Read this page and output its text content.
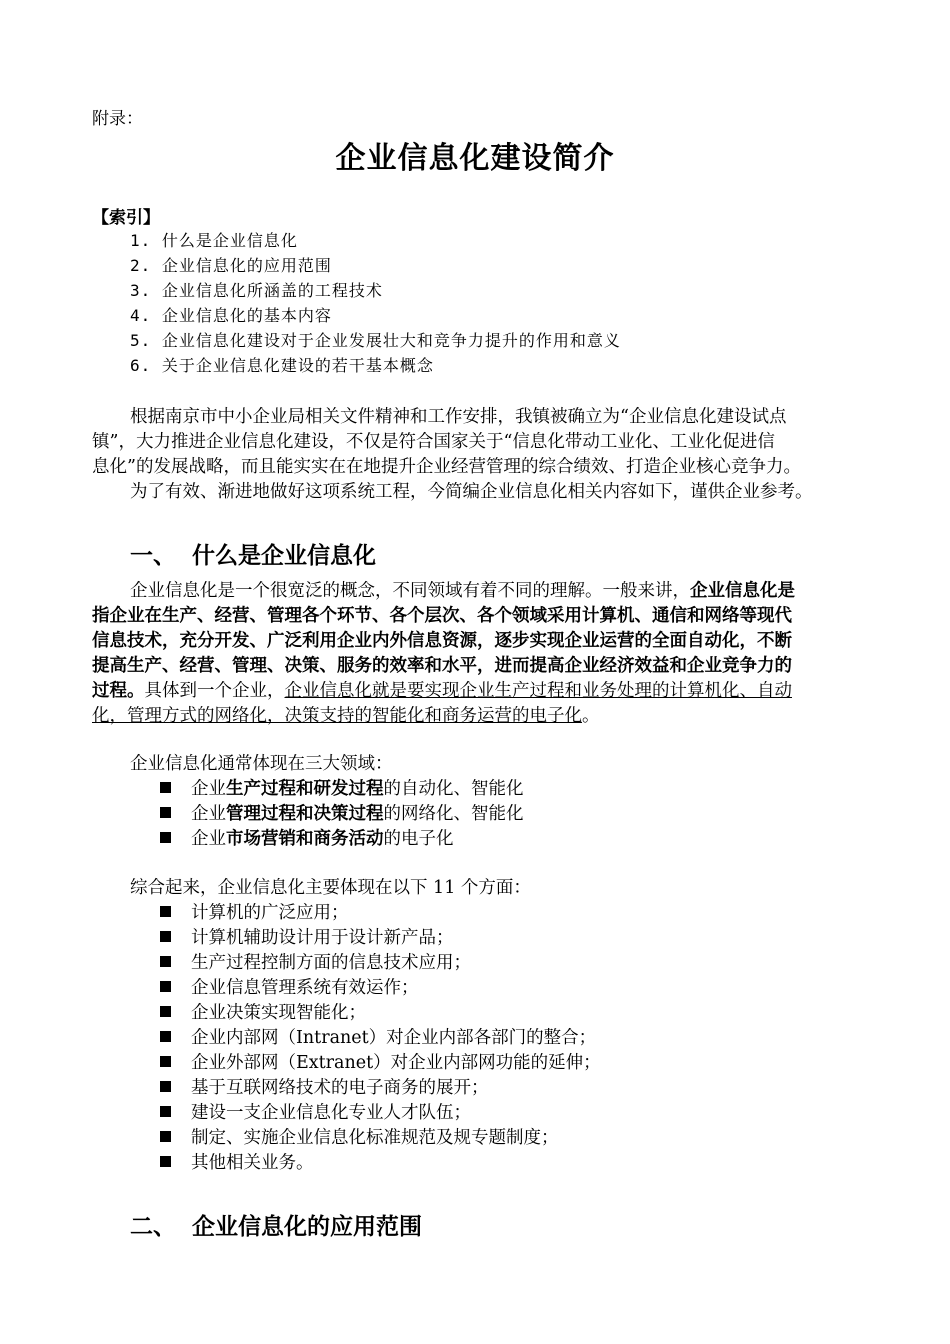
附录：
企业信息化建设简介
【索引】
1. 什么是企业信息化
2. 企业信息化的应用范围
3. 企业信息化所涵盖的工程技术
4. 企业信息化的基本内容
5. 企业信息化建设对于企业发展壮大和竞争力提升的作用和意义
6. 关于企业信息化建设的若干基本概念
根据南京市中小企业局相关文件精神和工作安排，我镇被确立为“企业信息化建设试点
镇”，大力推进企业信息化建设，不仅是符合国家关于“信息化带动工业化、工业化促进信
息化”的发展战略，而且能实实在在地提升企业经营管理的综合绩效、打造企业核心竞争力。
为了有效、渐进地做好这项系统工程，今简编企业信息化相关内容如下，谨供企业参考。
一、 什么是企业信息化
企业信息化是一个很宽泛的概念，不同领域有着不同的理解。一般来讲，企业信息化是
指企业在生产、经营、管理各个环节、各个层次、各个领域采用计算机、通信和网络等现代
信息技术，充分开发、广泛利用企业内外信息资源，逐步实现企业运营的全面自动化，不断
提高生产、经营、管理、决策、服务的效率和水平，进而提高企业经济效益和企业竞争力的
过程。具体到一个企业，企业信息化就是要实现企业生产过程和业务处理的计算机化、自动
化，管理方式的网络化，决策支持的智能化和商务运营的电子化。
企业信息化通常体现在三大领域：
企业生产过程和研发过程的自动化、智能化
企业管理过程和决策过程的网络化、智能化
企业市场营销和商务活动的电子化
综合起来，企业信息化主要体现在以下 11 个方面：
计算机的广泛应用；
计算机辅助设计用于设计新产品；
生产过程控制方面的信息技术应用；
企业信息管理系统有效运作；
企业决策实现智能化；
企业内部网（Intranet）对企业内部各部门的整合；
企业外部网（Extranet）对企业内部网功能的延伸；
基于互联网络技术的电子商务的展开；
建设一支企业信息化专业人才队伍；
制定、实施企业信息化标准规范及规专题制度；
其他相关业务。
二、 企业信息化的应用范围
